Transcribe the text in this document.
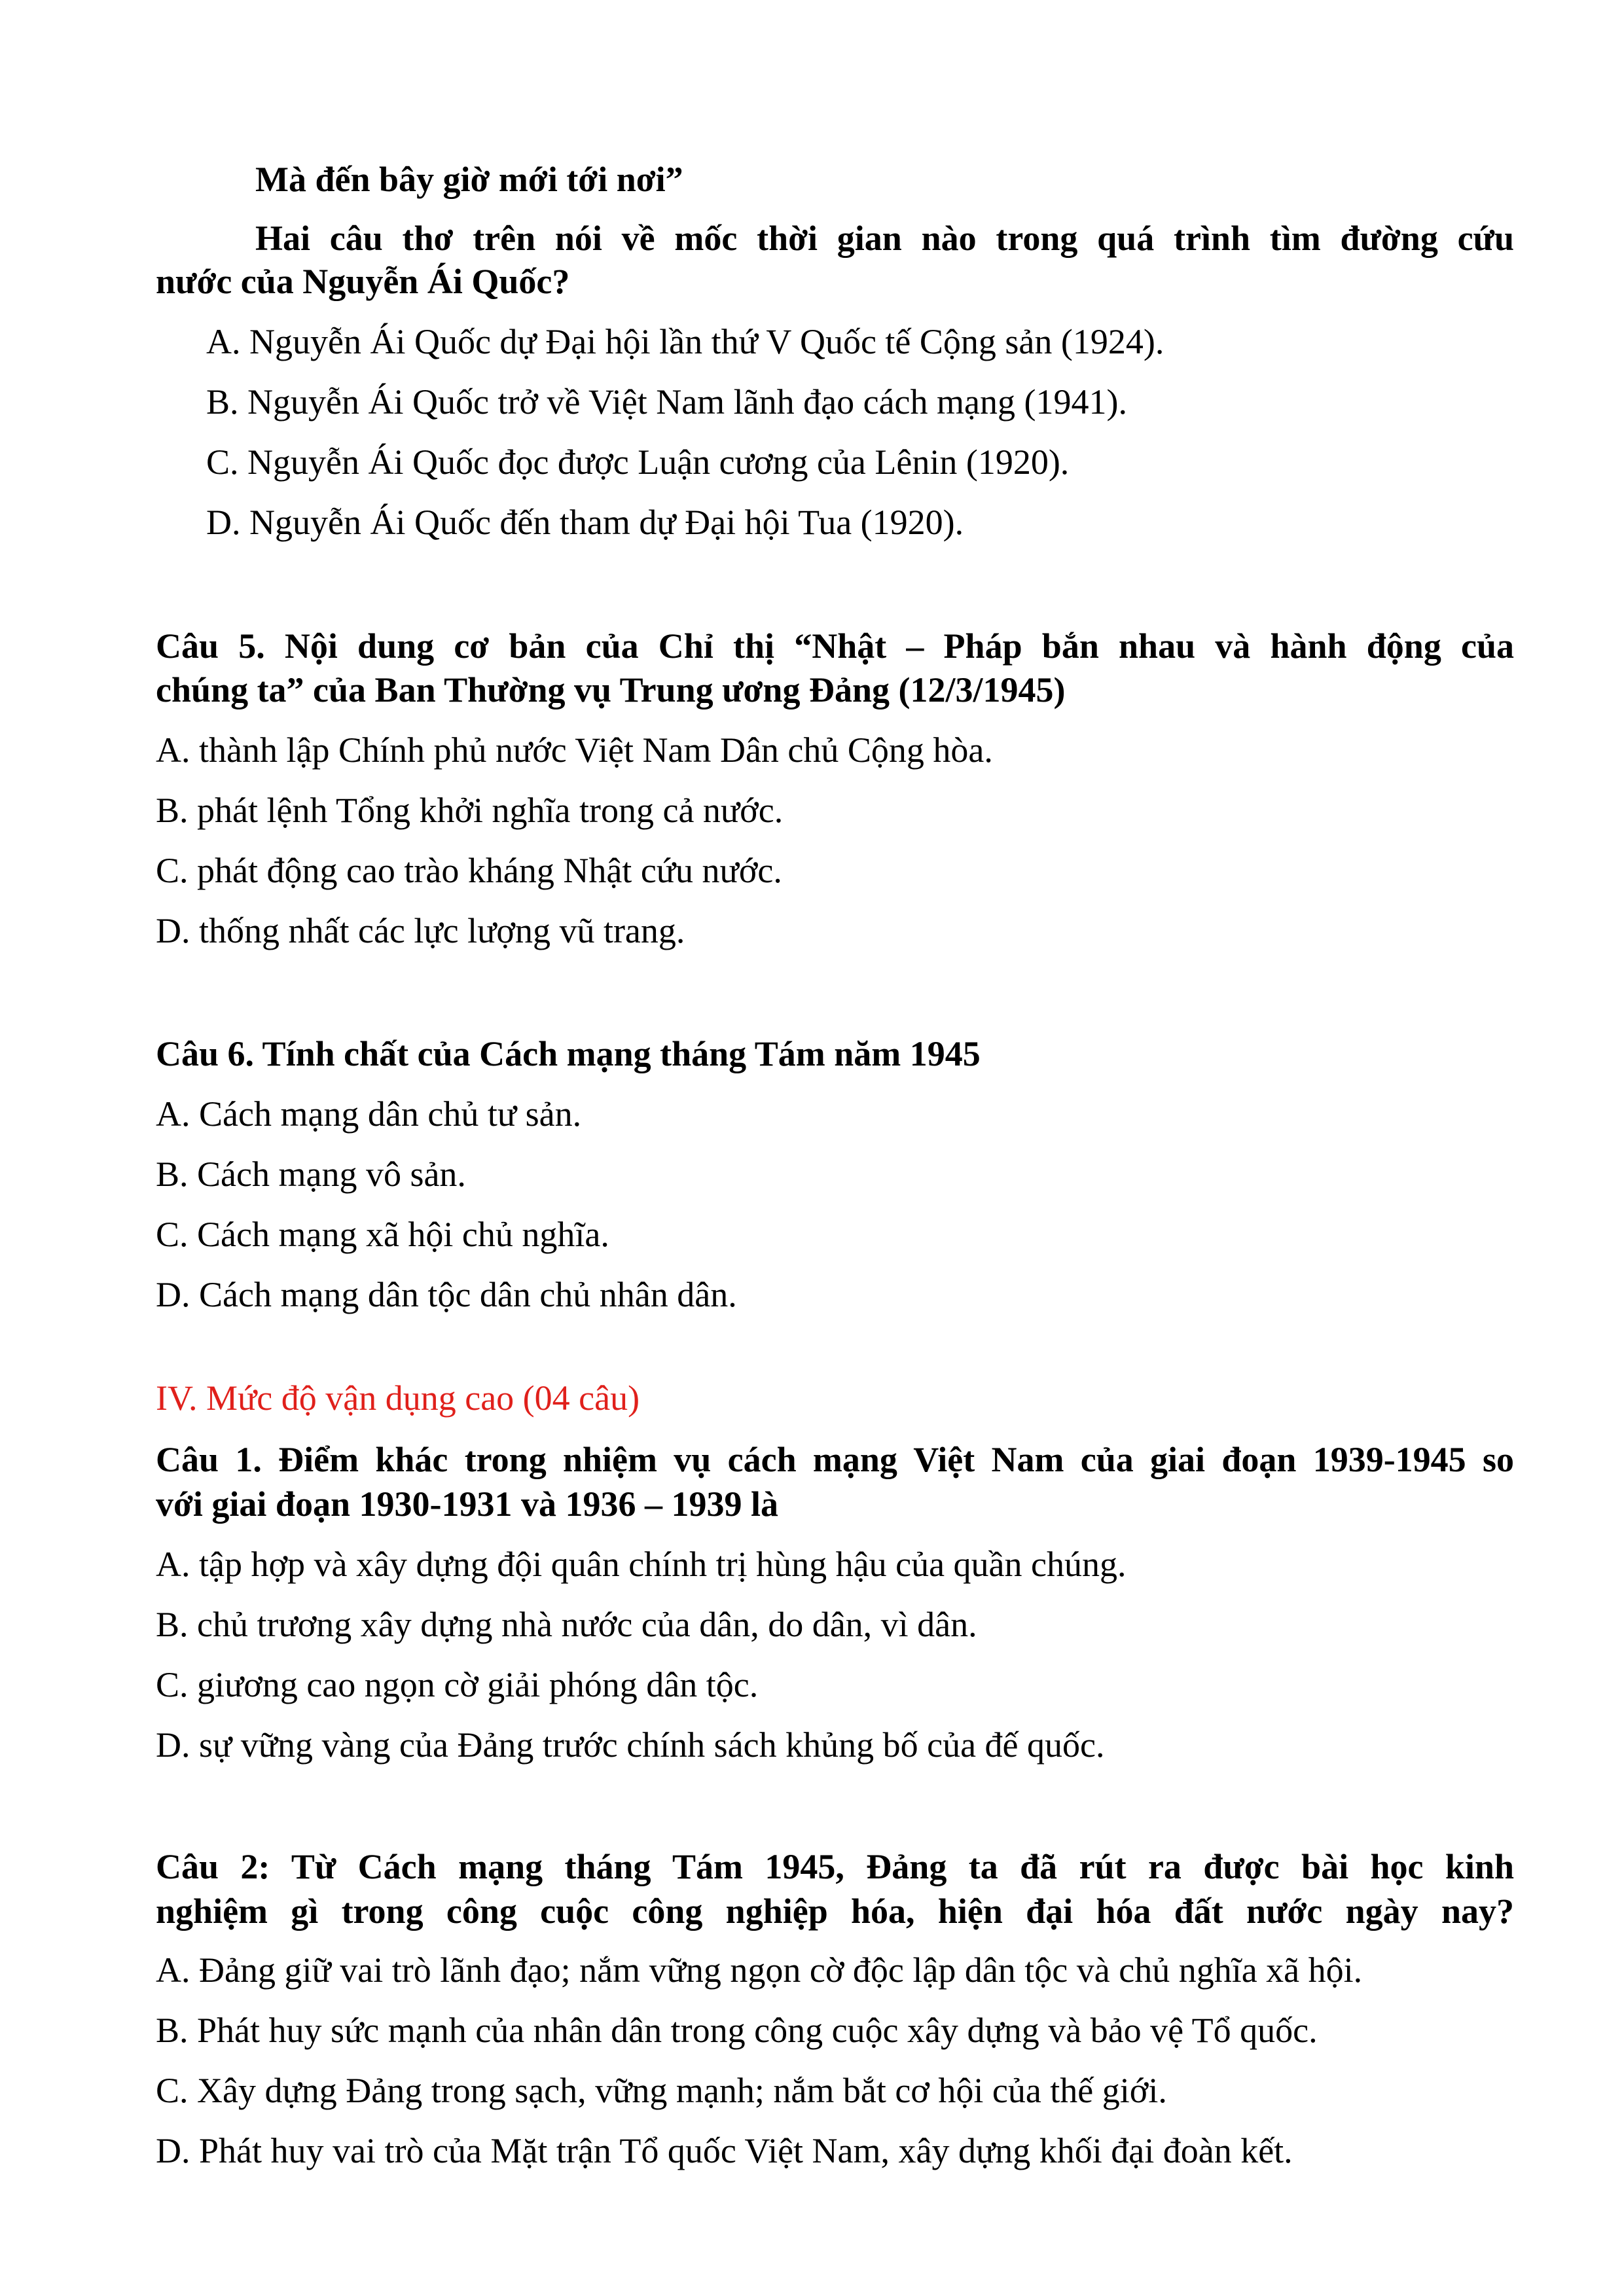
Mà đến bây giờ mới tới nơi”
Hai câu thơ trên nói về mốc thời gian nào trong quá trình tìm đường cứu
nước của Nguyễn Ái Quốc?
A. Nguyễn Ái Quốc dự Đại hội lần thứ V Quốc tế Cộng sản (1924).
B. Nguyễn Ái Quốc trở về Việt Nam lãnh đạo cách mạng (1941).
C. Nguyễn Ái Quốc đọc được Luận cương của Lênin (1920).
D. Nguyễn Ái Quốc đến tham dự Đại hội Tua (1920).
Câu 5. Nội dung cơ bản của Chỉ thị “Nhật – Pháp bắn nhau và hành động của
chúng ta” của Ban Thường vụ Trung ương Đảng (12/3/1945)
A. thành lập Chính phủ nước Việt Nam Dân chủ Cộng hòa.
B. phát lệnh Tổng khởi nghĩa trong cả nước.
C. phát động cao trào kháng Nhật cứu nước.
D. thống nhất các lực lượng vũ trang.
Câu 6. Tính chất của Cách mạng tháng Tám năm 1945
A. Cách mạng dân chủ tư sản.
B. Cách mạng vô sản.
C. Cách mạng xã hội chủ nghĩa.
D. Cách mạng dân tộc dân chủ nhân dân.
IV. Mức độ vận dụng cao (04 câu)
Câu 1. Điểm khác trong nhiệm vụ cách mạng Việt Nam của giai đoạn 1939-1945 so
với giai đoạn 1930-1931 và 1936 – 1939 là
A. tập hợp và xây dựng đội quân chính trị hùng hậu của quần chúng.
B. chủ trương xây dựng nhà nước của dân, do dân, vì dân.
C. giương cao ngọn cờ giải phóng dân tộc.
D. sự vững vàng của Đảng trước chính sách khủng bố của đế quốc.
Câu 2: Từ Cách mạng tháng Tám 1945, Đảng ta đã rút ra được bài học kinh
nghiệm gì trong công cuộc công nghiệp hóa, hiện đại hóa đất nước ngày nay?
A. Đảng giữ vai trò lãnh đạo; nắm vững ngọn cờ độc lập dân tộc và chủ nghĩa xã hội.
B. Phát huy sức mạnh của nhân dân trong công cuộc xây dựng và bảo vệ Tổ quốc.
C. Xây dựng Đảng trong sạch, vững mạnh; nắm bắt cơ hội của thế giới.
D. Phát huy vai trò của Mặt trận Tổ quốc Việt Nam, xây dựng khối đại đoàn kết.
